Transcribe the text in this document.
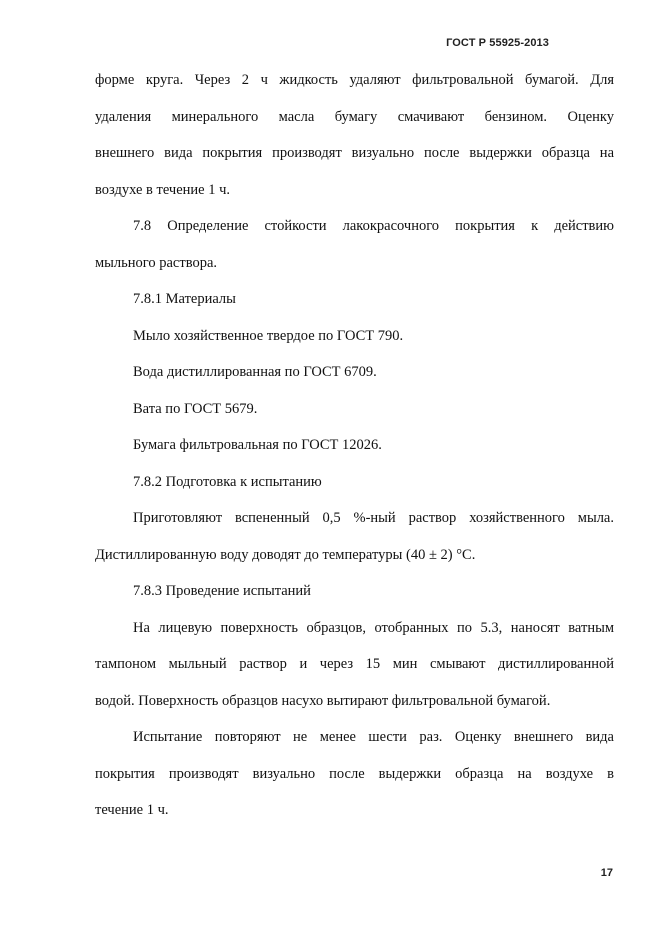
ГОСТ Р 55925-2013

форме круга. Через 2 ч жидкость удаляют фильтровальной бумагой. Для

удаления минерального масла бумагу смачивают бензином. Оценку

внешнего вида покрытия производят визуально после выдержки образца на

воздухе в течение 1 ч.

7.8 Определение стойкости лакокрасочного покрытия к действию

мыльного раствора.

7.8.1 Материалы

Мыло хозяйственное твердое по ГОСТ 790.

Вода дистиллированная по ГОСТ 6709.

Вата по ГОСТ 5679.

Бумага фильтровальная по ГОСТ 12026.

7.8.2 Подготовка к испытанию

Приготовляют вспененный 0,5 %-ный раствор хозяйственного мыла.

Дистиллированную воду доводят до температуры (40 ± 2) °С.

7.8.3 Проведение испытаний

На лицевую поверхность образцов, отобранных по 5.3, наносят ватным

тампоном мыльный раствор и через 15 мин смывают дистиллированной

водой. Поверхность образцов насухо вытирают фильтровальной бумагой.

Испытание повторяют не менее шести раз. Оценку внешнего вида

покрытия производят визуально после выдержки образца на воздухе в

течение 1 ч.

17
